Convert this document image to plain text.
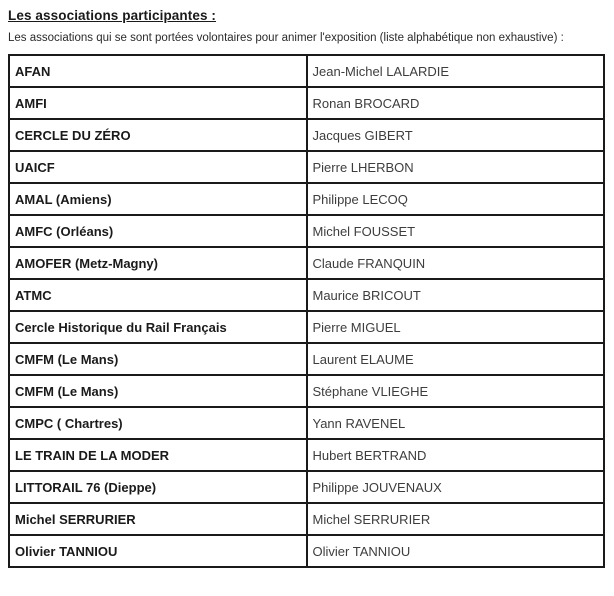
Les associations participantes :
Les associations qui se sont portées volontaires pour animer l'exposition (liste alphabétique non exhaustive) :
AFAN	Jean-Michel LALARDIE
AMFI	Ronan BROCARD
CERCLE DU ZÉRO	Jacques GIBERT
UAICF	Pierre LHERBON
AMAL (Amiens)	Philippe LECOQ
AMFC (Orléans)	Michel FOUSSET
AMOFER (Metz-Magny)	Claude FRANQUIN
ATMC	Maurice BRICOUT
Cercle Historique du Rail Français	Pierre MIGUEL
CMFM (Le Mans)	Laurent ELAUME
CMFM (Le Mans)	Stéphane VLIEGHE
CMPC ( Chartres)	Yann RAVENEL
LE TRAIN DE LA MODER	Hubert BERTRAND
LITTORAIL 76 (Dieppe)	Philippe JOUVENAUX
Michel SERRURIER	Michel SERRURIER
Olivier TANNIOU	Olivier TANNIOU
